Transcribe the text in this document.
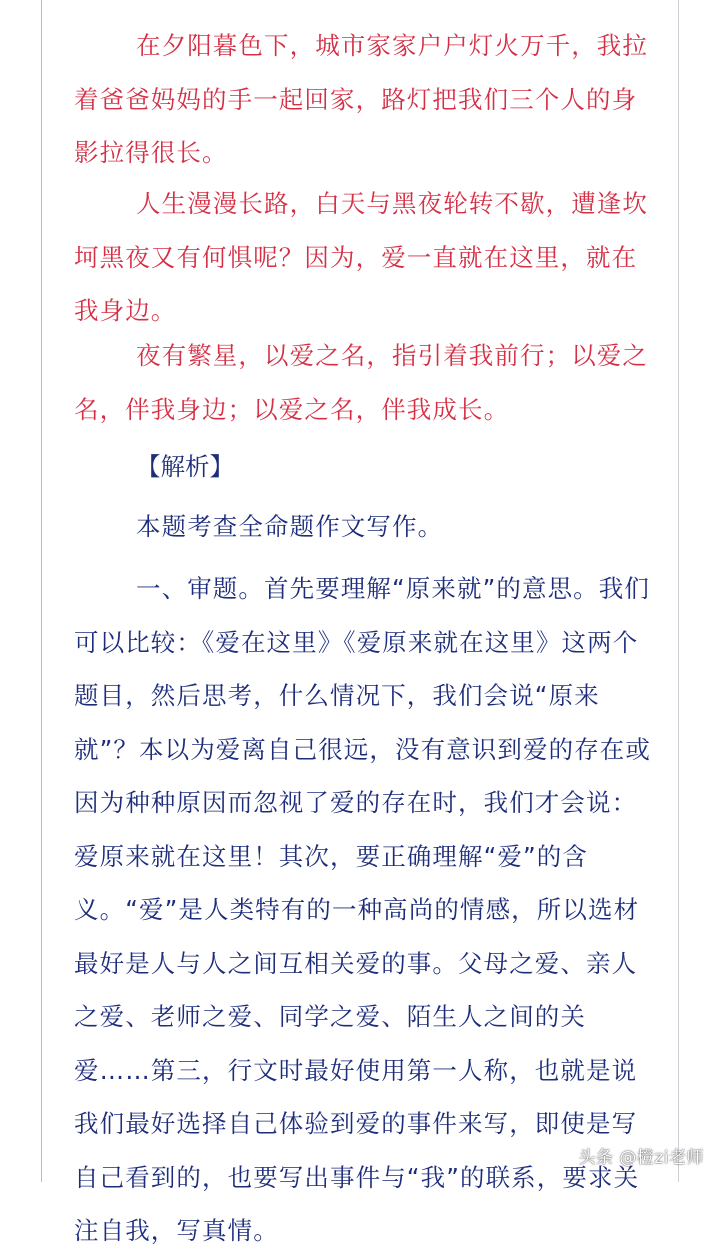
在夕阳暮色下，城市家家户户灯火万千，我拉着爸爸妈妈的手一起回家，路灯把我们三个人的身影拉得很长。

人生漫漫长路，白天与黑夜轮转不歇，遭逢坎坷黑夜又有何惧呢？因为，爱一直就在这里，就在我身边。

夜有繁星，以爱之名，指引着我前行；以爱之名，伴我身边；以爱之名，伴我成长。

【解析】

本题考查全命题作文写作。

一、审题。首先要理解“原来就”的意思。我们可以比较：《爱在这里》《爱原来就在这里》这两个题目，然后思考，什么情况下，我们会说“原来就”？本以为爱离自己很远，没有意识到爱的存在或因为种种原因而忽视了爱的存在时，我们才会说：爱原来就在这里！其次，要正确理解“爱”的含义。“爱”是人类特有的一种高尚的情感，所以选材最好是人与人之间互相关爱的事。父母之爱、亲人之爱、老师之爱、同学之爱、陌生人之间的关爱……第三，行文时最好使用第一人称，也就是说我们最好选择自己体验到爱的事件来写，即使是写自己看到的，也要写出事件与“我”的联系，要求关注自我，写真情。

头条 @橙zi老师
